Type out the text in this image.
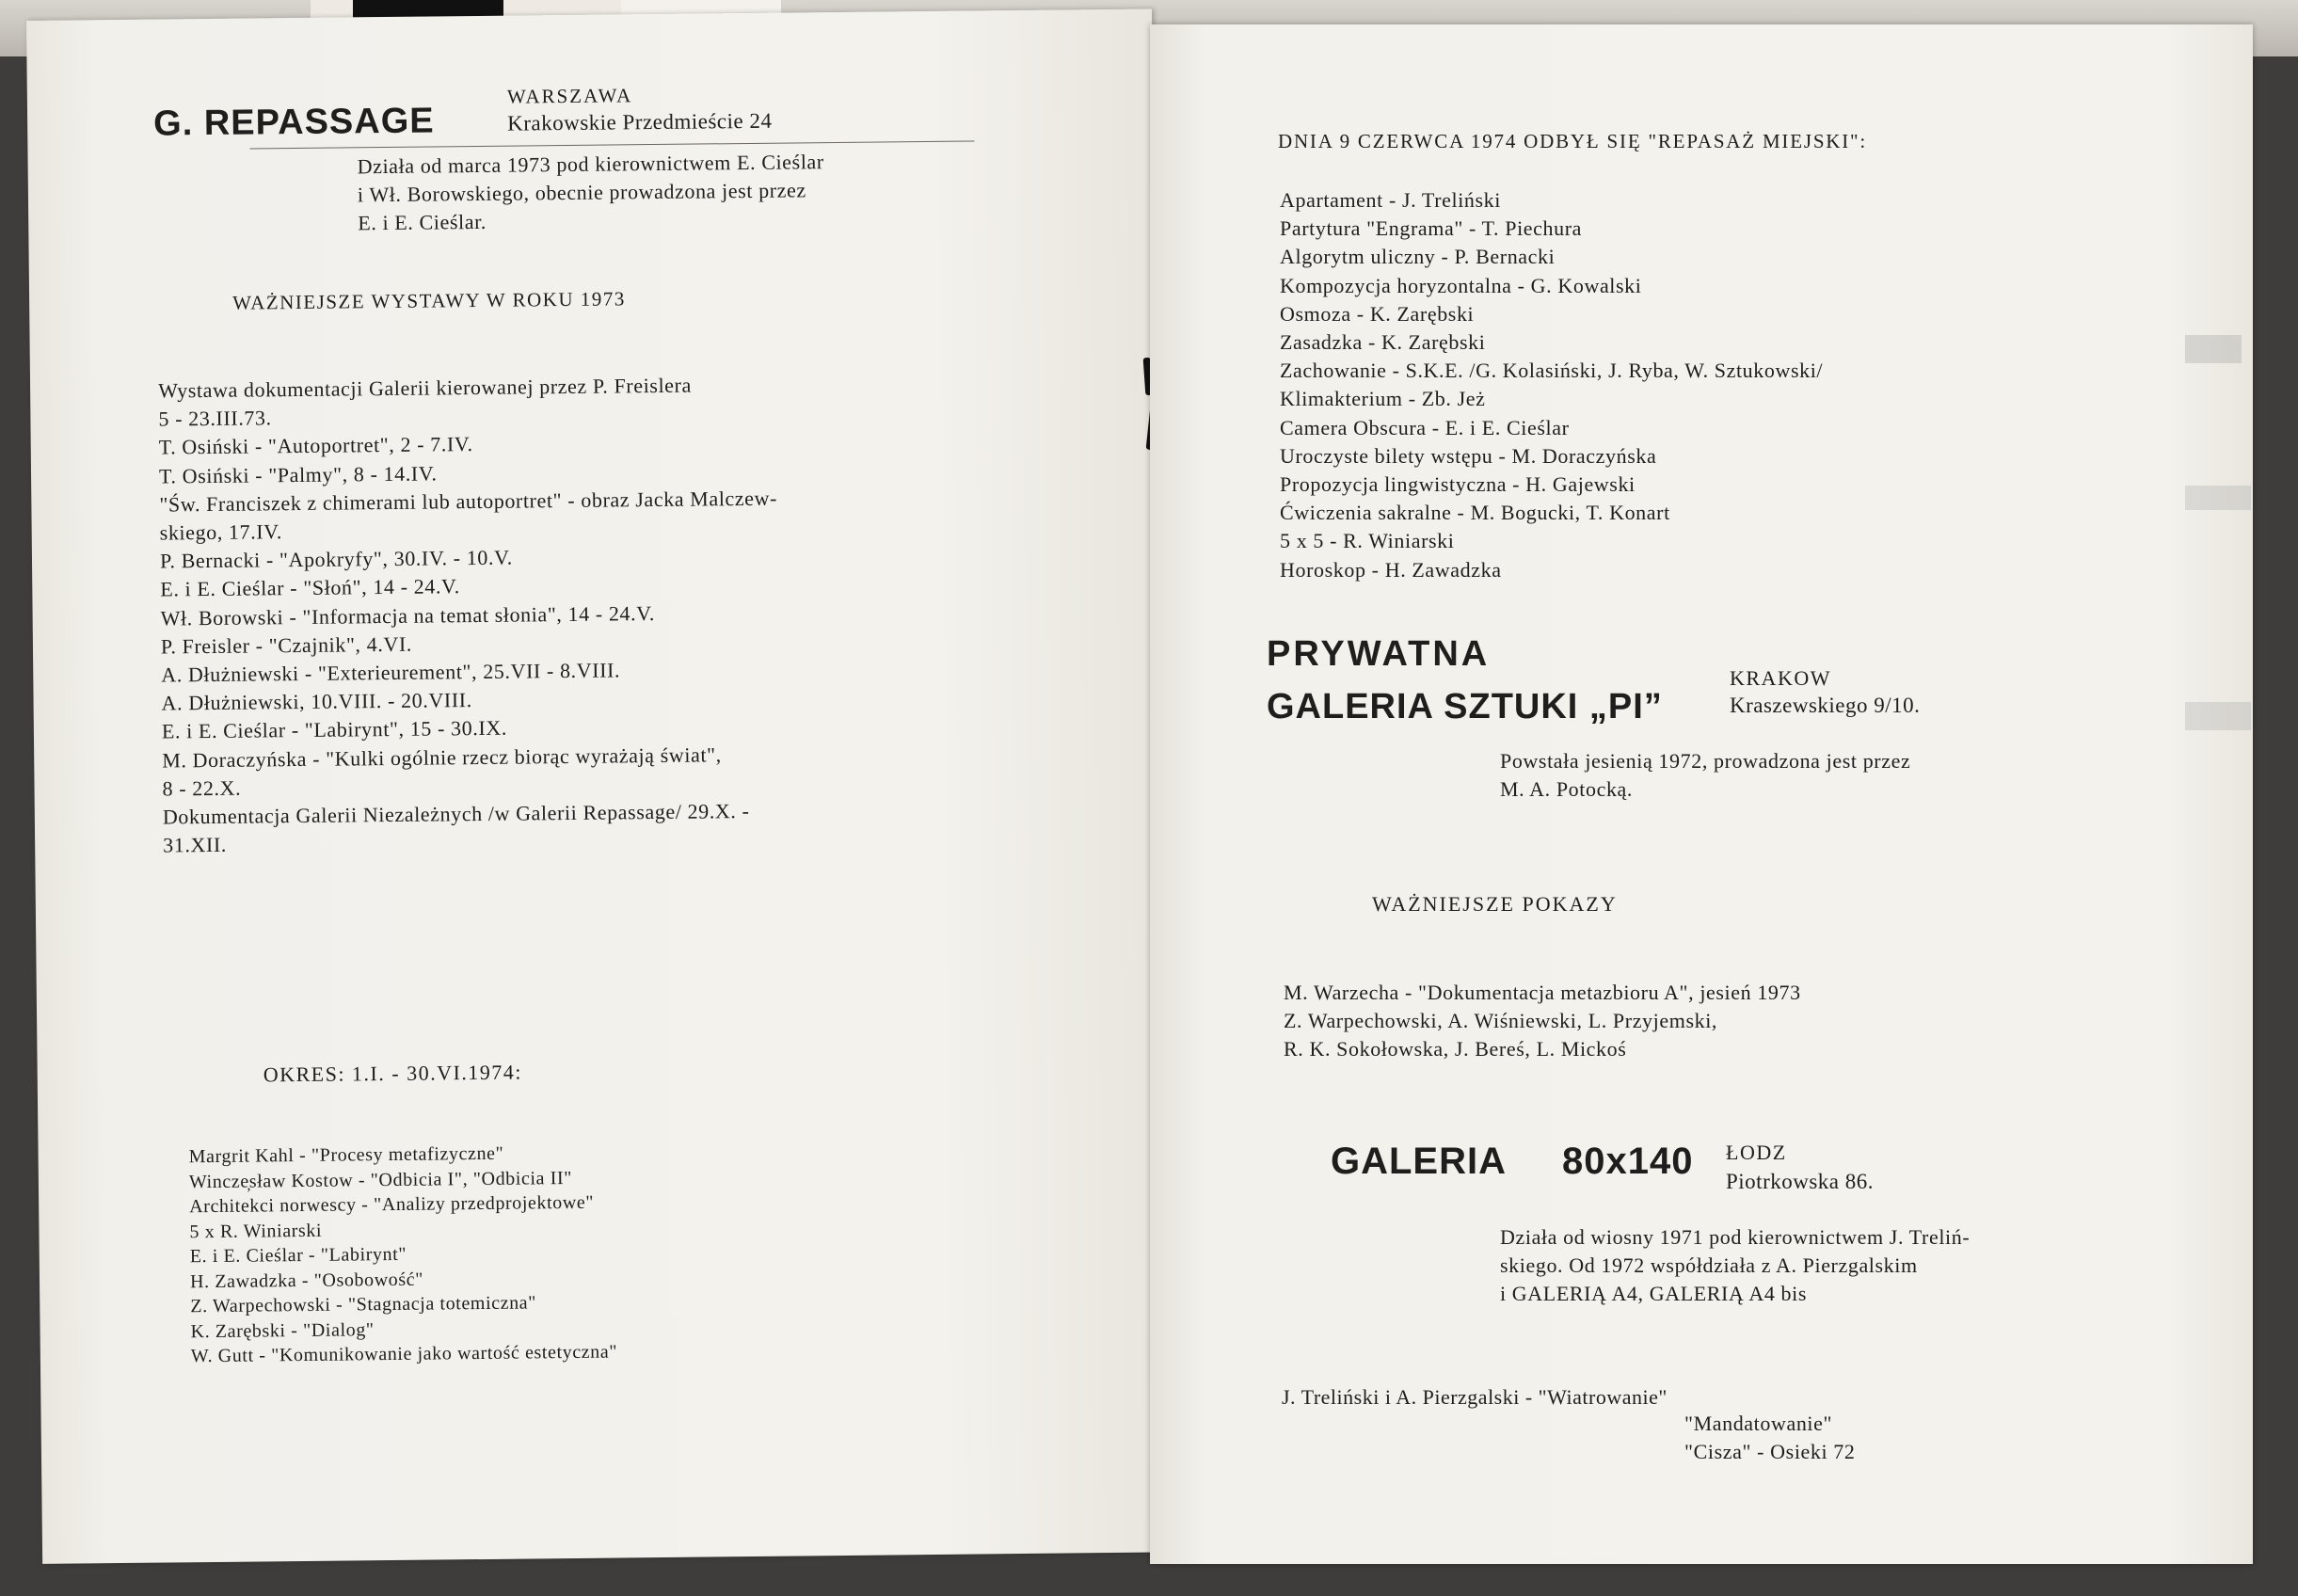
G. REPASSAGE
WARSZAWA
Krakowskie Przedmieście 24
Działa od marca 1973 pod kierownictwem E. Cieślar
i Wł. Borowskiego, obecnie prowadzona jest przez
E. i E. Cieślar.
WAŻNIEJSZE WYSTAWY W ROKU 1973
Wystawa dokumentacji Galerii kierowanej przez P. Freislera
5 - 23.III.73.
T. Osiński - "Autoportret", 2 - 7.IV.
T. Osiński - "Palmy", 8 - 14.IV.
"Św. Franciszek z chimerami lub autoportret" - obraz Jacka Malczew-
skiego, 17.IV.
P. Bernacki - "Apokryfy", 30.IV. - 10.V.
E. i E. Cieślar - "Słoń", 14 - 24.V.
Wł. Borowski - "Informacja na temat słonia", 14 - 24.V.
P. Freisler - "Czajnik", 4.VI.
A. Dłużniewski - "Exterieurement", 25.VII - 8.VIII.
A. Dłużniewski, 10.VIII. - 20.VIII.
E. i E. Cieślar - "Labirynt", 15 - 30.IX.
M. Doraczyńska - "Kulki ogólnie rzecz biorąc wyrażają świat",
8 - 22.X.
Dokumentacja Galerii Niezależnych /w Galerii Repassage/ 29.X. -
31.XII.
OKRES: 1.I. - 30.VI.1974:
Margrit Kahl - "Procesy metafizyczne"
Wincze̦sław Kostow - "Odbicia I", "Odbicia II"
Architekci norwescy - "Analizy przedprojektowe"
5 x R. Winiarski
E. i E. Cieślar - "Labirynt"
H. Zawadzka - "Osobowość"
Z. Warpechowski - "Stagnacja totemiczna"
K. Zarębski - "Dialog"
W. Gutt - "Komunikowanie jako wartość estetyczna"
DNIA 9 CZERWCA 1974 ODBYŁ SIĘ "REPASAŻ MIEJSKI":
Apartament - J. Treliński
Partytura "Engrama" - T. Piechura
Algorytm uliczny - P. Bernacki
Kompozycja horyzontalna - G. Kowalski
Osmoza - K. Zarębski
Zasadzka - K. Zarębski
Zachowanie - S.K.E. /G. Kolasiński, J. Ryba, W. Sztukowski/
Klimakterium - Zb. Jeż
Camera Obscura - E. i E. Cieślar
Uroczyste bilety wstępu - M. Doraczyńska
Propozycja lingwistyczna - H. Gajewski
Ćwiczenia sakralne - M. Bogucki, T. Konart
5 x 5 - R. Winiarski
Horoskop - H. Zawadzka
PRYWATNA
GALERIA SZTUKI „PI”
KRAKOW
Kraszewskiego 9/10.
Powstała jesienią 1972, prowadzona jest przez
M. A. Potocką.
WAŻNIEJSZE POKAZY
M. Warzecha - "Dokumentacja metazbioru A", jesień 1973
Z. Warpechowski, A. Wiśniewski, L. Przyjemski,
R. K. Sokołowska, J. Bereś, L. Mickoś
GALERIA 80x140 ŁODZ
Piotrkowska 86.
Działa od wiosny 1971 pod kierownictwem J. Treliń-
skiego. Od 1972 współdziała z A. Pierzgalskim
i GALERIĄ A4, GALERIĄ A4 bis
J. Treliński i A. Pierzgalski - "Wiatrowanie"
"Mandatowanie"
"Cisza" - Osieki 72
